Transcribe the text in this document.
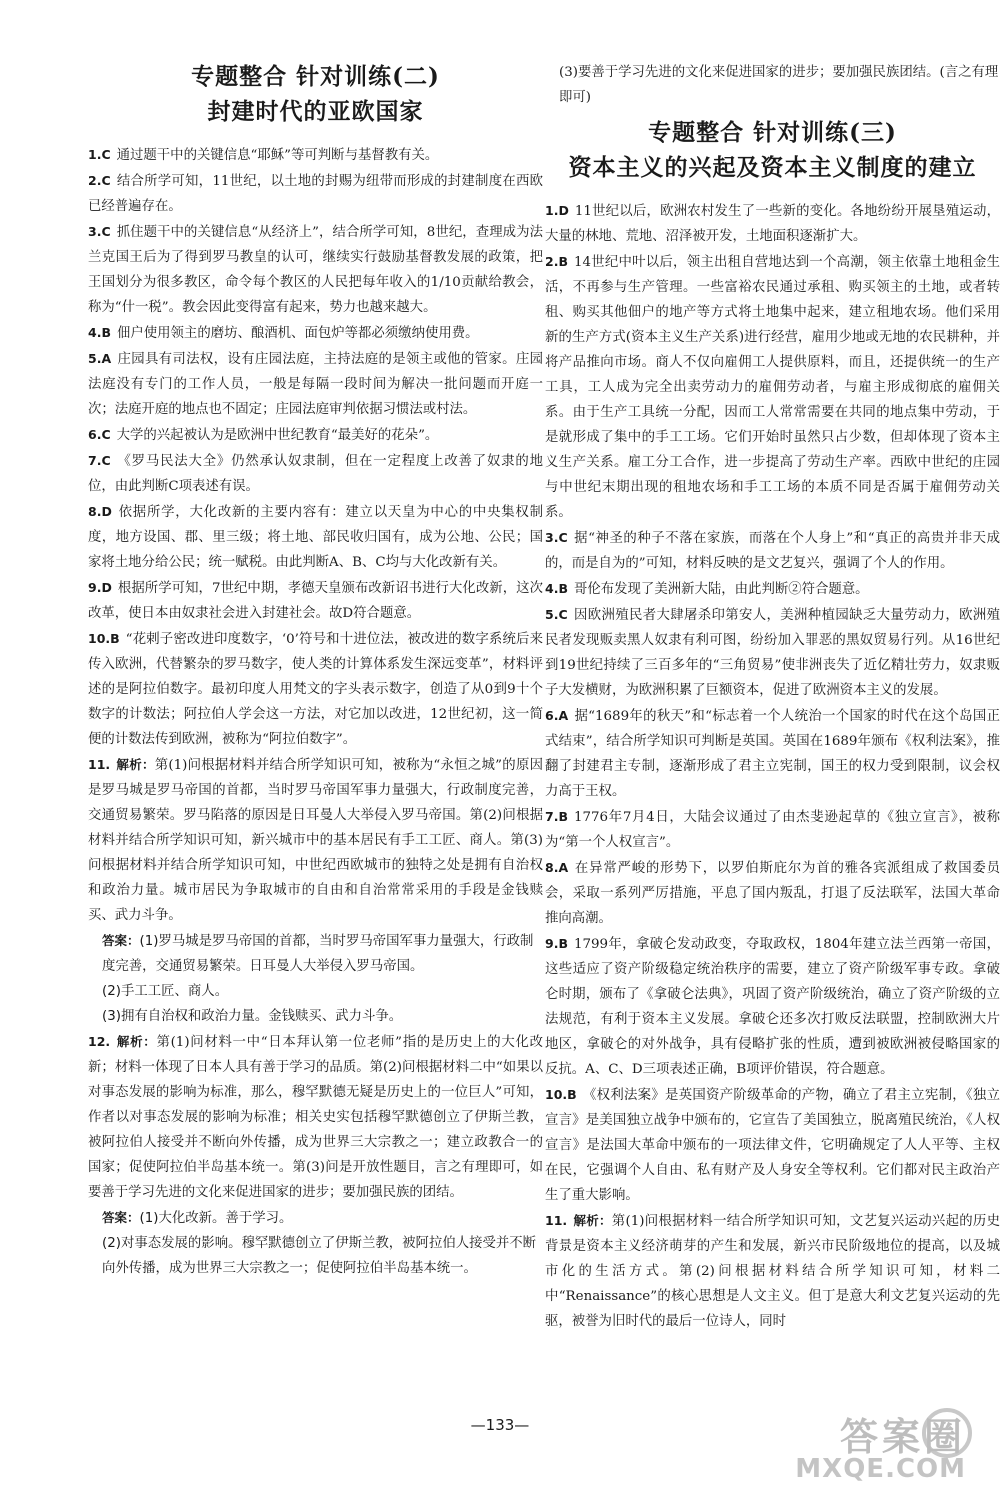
专题整合 针对训练(二)
封建时代的亚欧国家

1.C 通过题干中的关键信息“耶稣”等可判断与基督教有关。

2.C 结合所学可知，11世纪，以土地的封赐为纽带而形成的封建制度在西欧已经普遍存在。

3.C 抓住题干中的关键信息“从经济上”，结合所学可知，8世纪，查理成为法兰克国王后为了得到罗马教皇的认可，继续实行鼓励基督教发展的政策，把王国划分为很多教区，命令每个教区的人民把每年收入的1/10贡献给教会，称为“什一税”。教会因此变得富有起来，势力也越来越大。

4.B 佃户使用领主的磨坊、酿酒机、面包炉等都必须缴纳使用费。

5.A 庄园具有司法权，设有庄园法庭，主持法庭的是领主或他的管家。庄园法庭没有专门的工作人员，一般是每隔一段时间为解决一批问题而开庭一次；法庭开庭的地点也不固定；庄园法庭审判依据习惯法或村法。

6.C 大学的兴起被认为是欧洲中世纪教育“最美好的花朵”。

7.C 《罗马民法大全》仍然承认奴隶制，但在一定程度上改善了奴隶的地位，由此判断C项表述有误。

8.D 依据所学，大化改新的主要内容有：建立以天皇为中心的中央集权制度，地方设国、郡、里三级；将土地、部民收归国有，成为公地、公民；国家将土地分给公民；统一赋税。由此判断A、B、C均与大化改新有关。

9.D 根据所学可知，7世纪中期，孝德天皇颁布改新诏书进行大化改新，这次改革，使日本由奴隶社会进入封建社会。故D符合题意。

10.B “花剌子密改进印度数字，‘0’符号和十进位法，被改进的数字系统后来传入欧洲，代替繁杂的罗马数字，使人类的计算体系发生深远变革”，材料评述的是阿拉伯数字。最初印度人用梵文的字头表示数字，创造了从0到9十个数字的计数法；阿拉伯人学会这一方法，对它加以改进，12世纪初，这一简便的计数法传到欧洲，被称为“阿拉伯数字”。

11. 解析：第(1)问根据材料并结合所学知识可知，被称为“永恒之城”的原因是罗马城是罗马帝国的首都，当时罗马帝国军事力量强大，行政制度完善，交通贸易繁荣。罗马陷落的原因是日耳曼人大举侵入罗马帝国。第(2)问根据材料并结合所学知识可知，新兴城市中的基本居民有手工工匠、商人。第(3)问根据材料并结合所学知识可知，中世纪西欧城市的独特之处是拥有自治权和政治力量。城市居民为争取城市的自由和自治常常采用的手段是金钱赎买、武力斗争。

答案：(1)罗马城是罗马帝国的首都，当时罗马帝国军事力量强大，行政制度完善，交通贸易繁荣。日耳曼人大举侵入罗马帝国。

(2)手工工匠、商人。

(3)拥有自治权和政治力量。金钱赎买、武力斗争。

12. 解析：第(1)问材料一中“日本拜认第一位老师”指的是历史上的大化改新；材料一体现了日本人具有善于学习的品质。第(2)问根据材料二中“如果以对事态发展的影响为标准，那么，穆罕默德无疑是历史上的一位巨人”可知，作者以对事态发展的影响为标准；相关史实包括穆罕默德创立了伊斯兰教，被阿拉伯人接受并不断向外传播，成为世界三大宗教之一；建立政教合一的国家；促使阿拉伯半岛基本统一。第(3)问是开放性题目，言之有理即可，如要善于学习先进的文化来促进国家的进步；要加强民族的团结。

答案：(1)大化改新。善于学习。

(2)对事态发展的影响。穆罕默德创立了伊斯兰教，被阿拉伯人接受并不断向外传播，成为世界三大宗教之一；促使阿拉伯半岛基本统一。

(3)要善于学习先进的文化来促进国家的进步；要加强民族团结。(言之有理即可)

专题整合 针对训练(三)
资本主义的兴起及资本主义制度的建立

1.D 11世纪以后，欧洲农村发生了一些新的变化。各地纷纷开展垦殖运动，大量的林地、荒地、沼泽被开发，土地面积逐渐扩大。

2.B 14世纪中叶以后，领主出租自营地达到一个高潮，领主依靠土地租金生活，不再参与生产管理。一些富裕农民通过承租、购买领主的土地，或者转租、购买其他佃户的地产等方式将土地集中起来，建立租地农场。他们采用新的生产方式(资本主义生产关系)进行经营，雇用少地或无地的农民耕种，并将产品推向市场。商人不仅向雇佣工人提供原料，而且，还提供统一的生产工具，工人成为完全出卖劳动力的雇佣劳动者，与雇主形成彻底的雇佣关系。由于生产工具统一分配，因而工人常常需要在共同的地点集中劳动，于是就形成了集中的手工工场。它们开始时虽然只占少数，但却体现了资本主义生产关系。雇工分工合作，进一步提高了劳动生产率。西欧中世纪的庄园与中世纪末期出现的租地农场和手工工场的本质不同是否属于雇佣劳动关系。

3.C 据“神圣的种子不落在家族，而落在个人身上”和“真正的高贵并非天成的，而是自为的”可知，材料反映的是文艺复兴，强调了个人的作用。

4.B 哥伦布发现了美洲新大陆，由此判断②符合题意。

5.C 因欧洲殖民者大肆屠杀印第安人，美洲种植园缺乏大量劳动力，欧洲殖民者发现贩卖黑人奴隶有利可图，纷纷加入罪恶的黑奴贸易行列。从16世纪到19世纪持续了三百多年的“三角贸易”使非洲丧失了近亿精壮劳力，奴隶贩子大发横财，为欧洲积累了巨额资本，促进了欧洲资本主义的发展。

6.A 据“1689年的秋天”和“标志着一个人统治一个国家的时代在这个岛国正式结束”，结合所学知识可判断是英国。英国在1689年颁布《权利法案》，推翻了封建君主专制，逐渐形成了君主立宪制，国王的权力受到限制，议会权力高于王权。

7.B 1776年7月4日，大陆会议通过了由杰斐逊起草的《独立宣言》，被称为“第一个人权宣言”。

8.A 在异常严峻的形势下，以罗伯斯庇尔为首的雅各宾派组成了救国委员会，采取一系列严厉措施，平息了国内叛乱，打退了反法联军，法国大革命推向高潮。

9.B 1799年，拿破仑发动政变，夺取政权，1804年建立法兰西第一帝国，这些适应了资产阶级稳定统治秩序的需要，建立了资产阶级军事专政。拿破仑时期，颁布了《拿破仑法典》，巩固了资产阶级统治，确立了资产阶级的立法规范，有利于资本主义发展。拿破仑还多次打败反法联盟，控制欧洲大片地区，拿破仑的对外战争，具有侵略扩张的性质，遭到被欧洲被侵略国家的反抗。A、C、D三项表述正确，B项评价错误，符合题意。

10.B 《权利法案》是英国资产阶级革命的产物，确立了君主立宪制，《独立宣言》是美国独立战争中颁布的，它宣告了美国独立，脱离殖民统治，《人权宣言》是法国大革命中颁布的一项法律文件，它明确规定了人人平等、主权在民，它强调个人自由、私有财产及人身安全等权利。它们都对民主政治产生了重大影响。

11. 解析：第(1)问根据材料一结合所学知识可知，文艺复兴运动兴起的历史背景是资本主义经济萌芽的产生和发展，新兴市民阶级地位的提高，以及城市化的生活方式。第(2)问根据材料结合所学知识可知，材料二中“Renaissance”的核心思想是人文主义。但丁是意大利文艺复兴运动的先驱，被誉为旧时代的最后一位诗人，同时

—133—	答案圈
MXQE.COM
